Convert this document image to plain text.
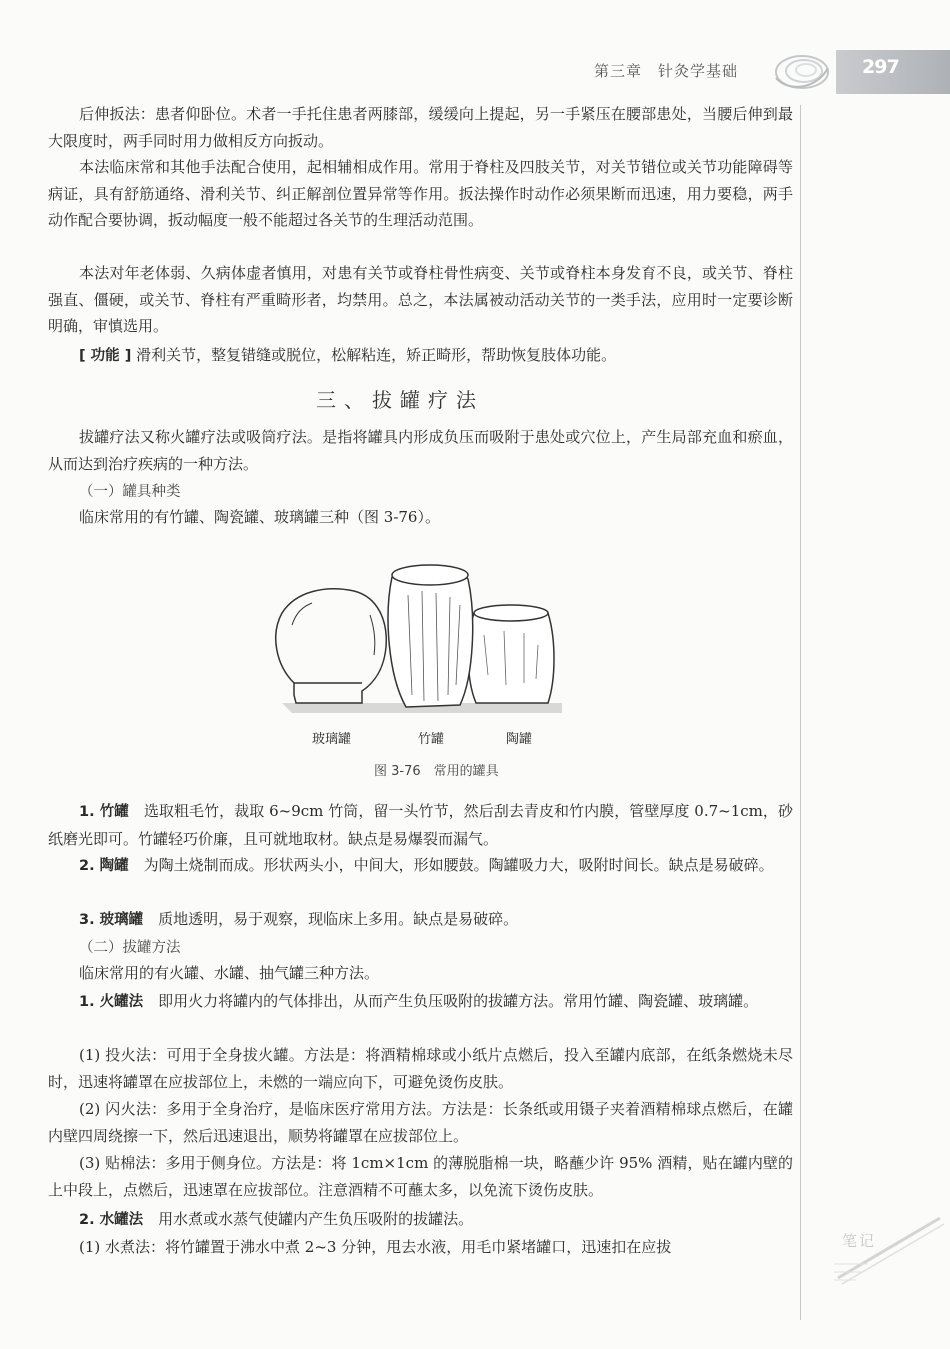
第三章　针灸学基础	297

后伸扳法：患者仰卧位。术者一手托住患者两膝部，缓缓向上提起，另一手紧压在腰部患处，当腰后伸到最大限度时，两手同时用力做相反方向扳动。

本法临床常和其他手法配合使用，起相辅相成作用。常用于脊柱及四肢关节，对关节错位或关节功能障碍等病证，具有舒筋通络、滑利关节、纠正解剖位置异常等作用。扳法操作时动作必须果断而迅速，用力要稳，两手动作配合要协调，扳动幅度一般不能超过各关节的生理活动范围。

本法对年老体弱、久病体虚者慎用，对患有关节或脊柱骨性病变、关节或脊柱本身发育不良，或关节、脊柱强直、僵硬，或关节、脊柱有严重畸形者，均禁用。总之，本法属被动活动关节的一类手法，应用时一定要诊断明确，审慎选用。

[ 功能 ] 滑利关节，整复错缝或脱位，松解粘连，矫正畸形，帮助恢复肢体功能。

三、拔罐疗法

拔罐疗法又称火罐疗法或吸筒疗法。是指将罐具内形成负压而吸附于患处或穴位上，产生局部充血和瘀血，从而达到治疗疾病的一种方法。

（一）罐具种类

临床常用的有竹罐、陶瓷罐、玻璃罐三种（图 3-76）。

玻璃罐	竹罐	陶罐
图 3-76　常用的罐具

1. 竹罐　选取粗毛竹，裁取 6~9cm 竹筒，留一头竹节，然后刮去青皮和竹内膜，管壁厚度 0.7~1cm，砂纸磨光即可。竹罐轻巧价廉，且可就地取材。缺点是易爆裂而漏气。

2. 陶罐　为陶土烧制而成。形状两头小，中间大，形如腰鼓。陶罐吸力大，吸附时间长。缺点是易破碎。

3. 玻璃罐　质地透明，易于观察，现临床上多用。缺点是易破碎。

（二）拔罐方法

临床常用的有火罐、水罐、抽气罐三种方法。

1. 火罐法　即用火力将罐内的气体排出，从而产生负压吸附的拔罐方法。常用竹罐、陶瓷罐、玻璃罐。

(1) 投火法：可用于全身拔火罐。方法是：将酒精棉球或小纸片点燃后，投入至罐内底部，在纸条燃烧未尽时，迅速将罐罩在应拔部位上，未燃的一端应向下，可避免烫伤皮肤。

(2) 闪火法：多用于全身治疗，是临床医疗常用方法。方法是：长条纸或用镊子夹着酒精棉球点燃后，在罐内壁四周绕擦一下，然后迅速退出，顺势将罐罩在应拔部位上。

(3) 贴棉法：多用于侧身位。方法是：将 1cm×1cm 的薄脱脂棉一块，略蘸少许 95% 酒精，贴在罐内壁的上中段上，点燃后，迅速罩在应拔部位。注意酒精不可蘸太多，以免流下烫伤皮肤。

2. 水罐法　用水煮或水蒸气使罐内产生负压吸附的拔罐法。

(1) 水煮法：将竹罐置于沸水中煮 2~3 分钟，甩去水液，用毛巾紧堵罐口，迅速扣在应拔	笔记
